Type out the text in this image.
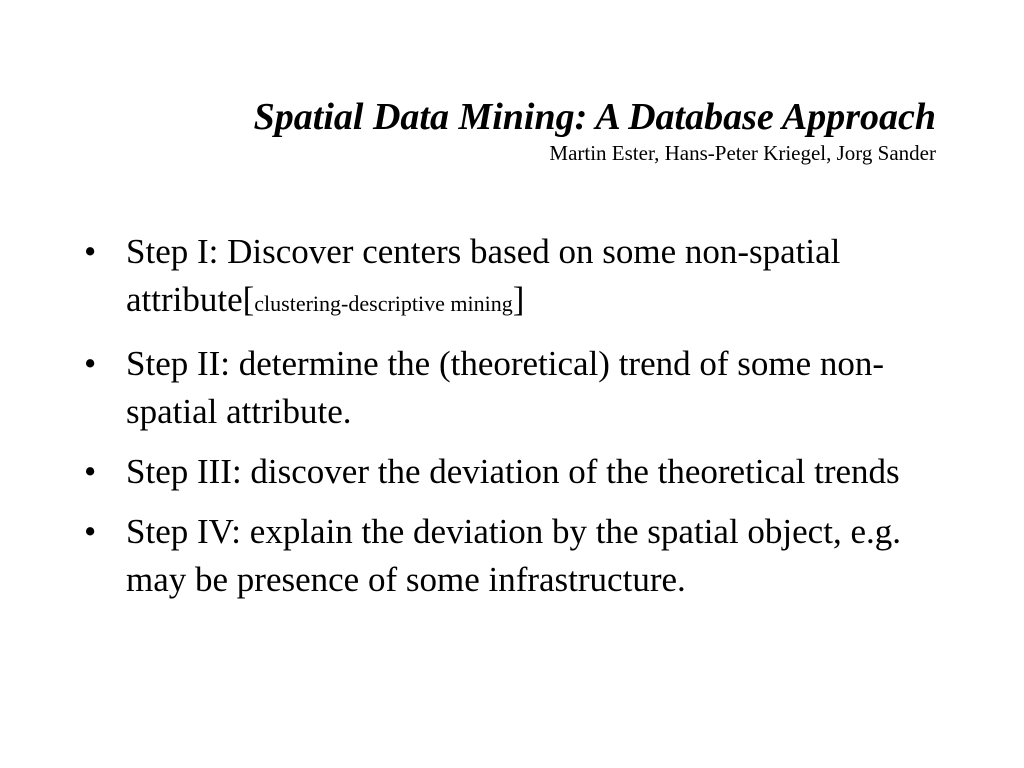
Spatial Data Mining: A Database Approach

Martin Ester, Hans-Peter Kriegel, Jorg Sander

• Step I: Discover centers based on some non-spatial attribute[clustering-descriptive mining]
• Step II: determine the (theoretical) trend of some non-spatial attribute.
• Step III: discover the deviation of the theoretical trends
• Step IV: explain the deviation by the spatial object, e.g. may be presence of some infrastructure.
